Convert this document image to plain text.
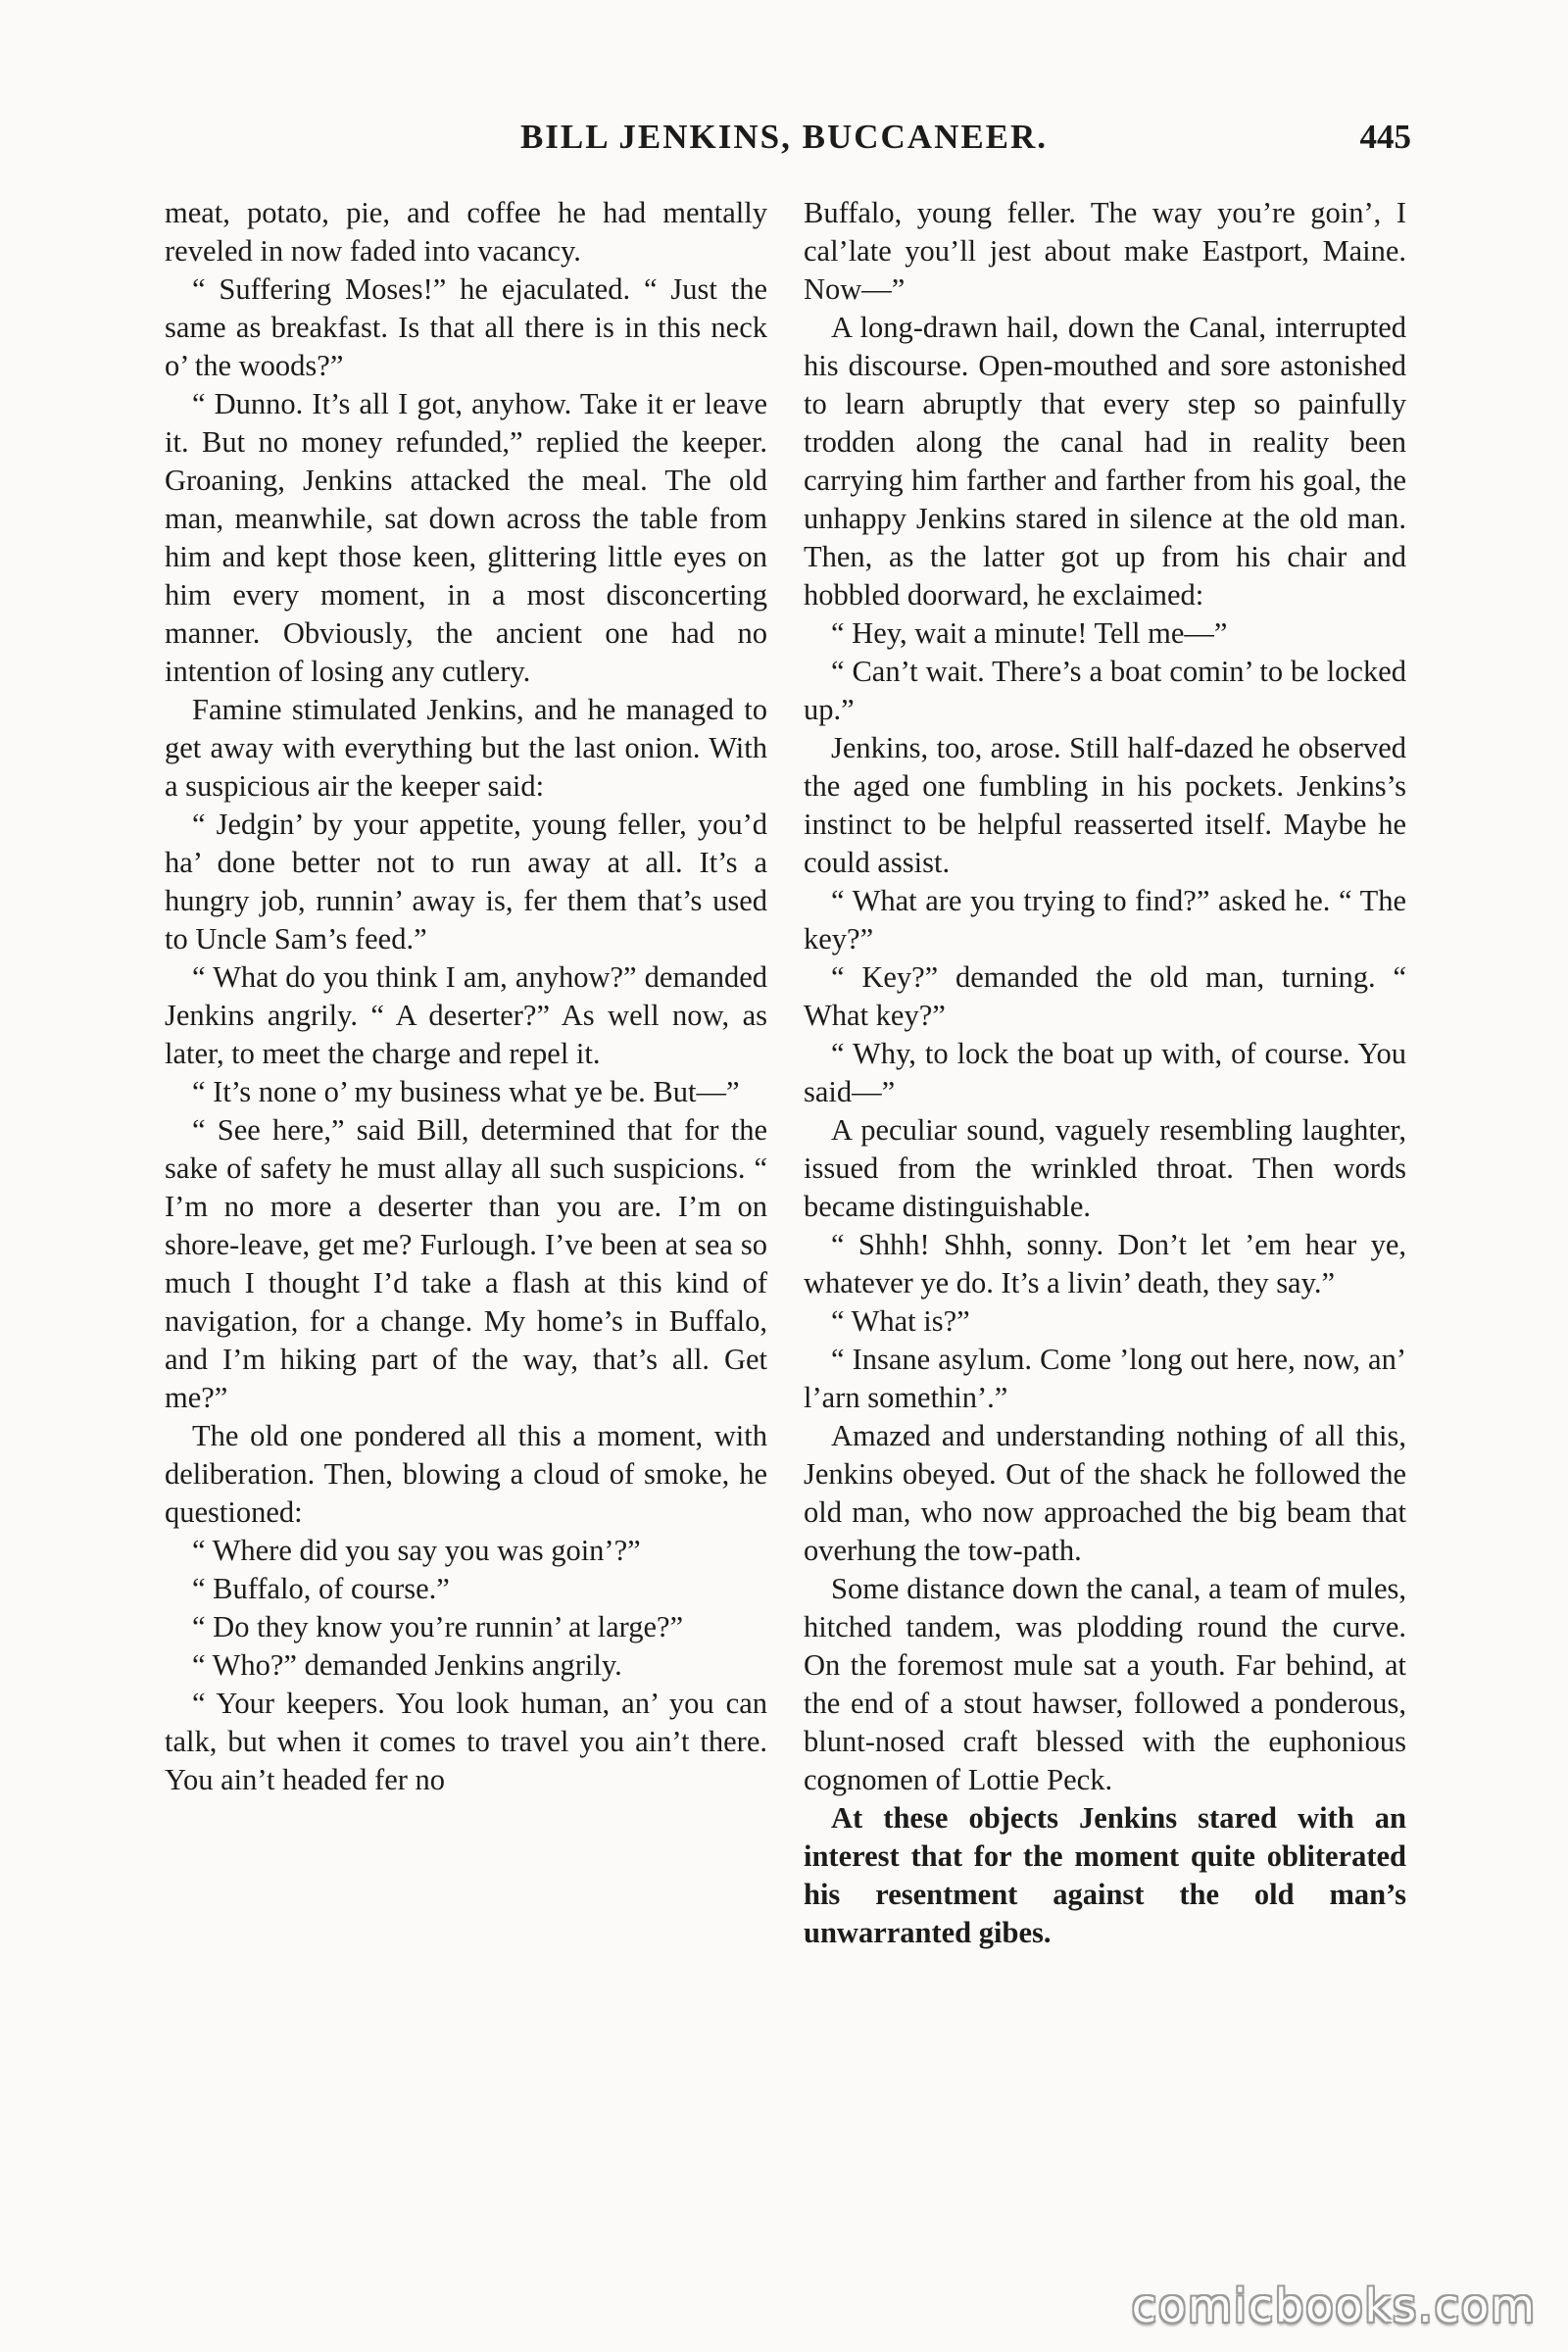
BILL JENKINS, BUCCANEER.	445

meat, potato, pie, and coffee he had mentally reveled in now faded into vacancy.

“ Suffering Moses!” he ejaculated. “ Just the same as breakfast. Is that all there is in this neck o’ the woods?”

“ Dunno. It’s all I got, anyhow. Take it er leave it. But no money refunded,” replied the keeper. Groaning, Jenkins attacked the meal. The old man, meanwhile, sat down across the table from him and kept those keen, glittering little eyes on him every moment, in a most disconcerting manner. Obviously, the ancient one had no intention of losing any cutlery.

Famine stimulated Jenkins, and he managed to get away with everything but the last onion. With a suspicious air the keeper said:

“ Jedgin’ by your appetite, young feller, you’d ha’ done better not to run away at all. It’s a hungry job, runnin’ away is, fer them that’s used to Uncle Sam’s feed.”

“ What do you think I am, anyhow?” demanded Jenkins angrily. “ A deserter?” As well now, as later, to meet the charge and repel it.

“ It’s none o’ my business what ye be. But—”

“ See here,” said Bill, determined that for the sake of safety he must allay all such suspicions. “ I’m no more a deserter than you are. I’m on shore-leave, get me? Furlough. I’ve been at sea so much I thought I’d take a flash at this kind of navigation, for a change. My home’s in Buffalo, and I’m hiking part of the way, that’s all. Get me?”

The old one pondered all this a moment, with deliberation. Then, blowing a cloud of smoke, he questioned:

“ Where did you say you was goin’?”

“ Buffalo, of course.”

“ Do they know you’re runnin’ at large?”

“ Who?” demanded Jenkins angrily.

“ Your keepers. You look human, an’ you can talk, but when it comes to travel you ain’t there. You ain’t headed fer no

Buffalo, young feller. The way you’re goin’, I cal’late you’ll jest about make Eastport, Maine. Now—”

A long-drawn hail, down the Canal, interrupted his discourse. Open-mouthed and sore astonished to learn abruptly that every step so painfully trodden along the canal had in reality been carrying him farther and farther from his goal, the unhappy Jenkins stared in silence at the old man. Then, as the latter got up from his chair and hobbled doorward, he exclaimed:

“ Hey, wait a minute! Tell me—”

“ Can’t wait. There’s a boat comin’ to be locked up.”

Jenkins, too, arose. Still half-dazed he observed the aged one fumbling in his pockets. Jenkins’s instinct to be helpful reasserted itself. Maybe he could assist.

“ What are you trying to find?” asked he. “ The key?”

“ Key?” demanded the old man, turning. “ What key?”

“ Why, to lock the boat up with, of course. You said—”

A peculiar sound, vaguely resembling laughter, issued from the wrinkled throat. Then words became distinguishable.

“ Shhh! Shhh, sonny. Don’t let ’em hear ye, whatever ye do. It’s a livin’ death, they say.”

“ What is?”

“ Insane asylum. Come ’long out here, now, an’ l’arn somethin’.”

Amazed and understanding nothing of all this, Jenkins obeyed. Out of the shack he followed the old man, who now approached the big beam that overhung the tow-path.

Some distance down the canal, a team of mules, hitched tandem, was plodding round the curve. On the foremost mule sat a youth. Far behind, at the end of a stout hawser, followed a ponderous, blunt-nosed craft blessed with the euphonious cognomen of Lottie Peck.

At these objects Jenkins stared with an interest that for the moment quite obliterated his resentment against the old man’s unwarranted gibes.

comicbooks.com
